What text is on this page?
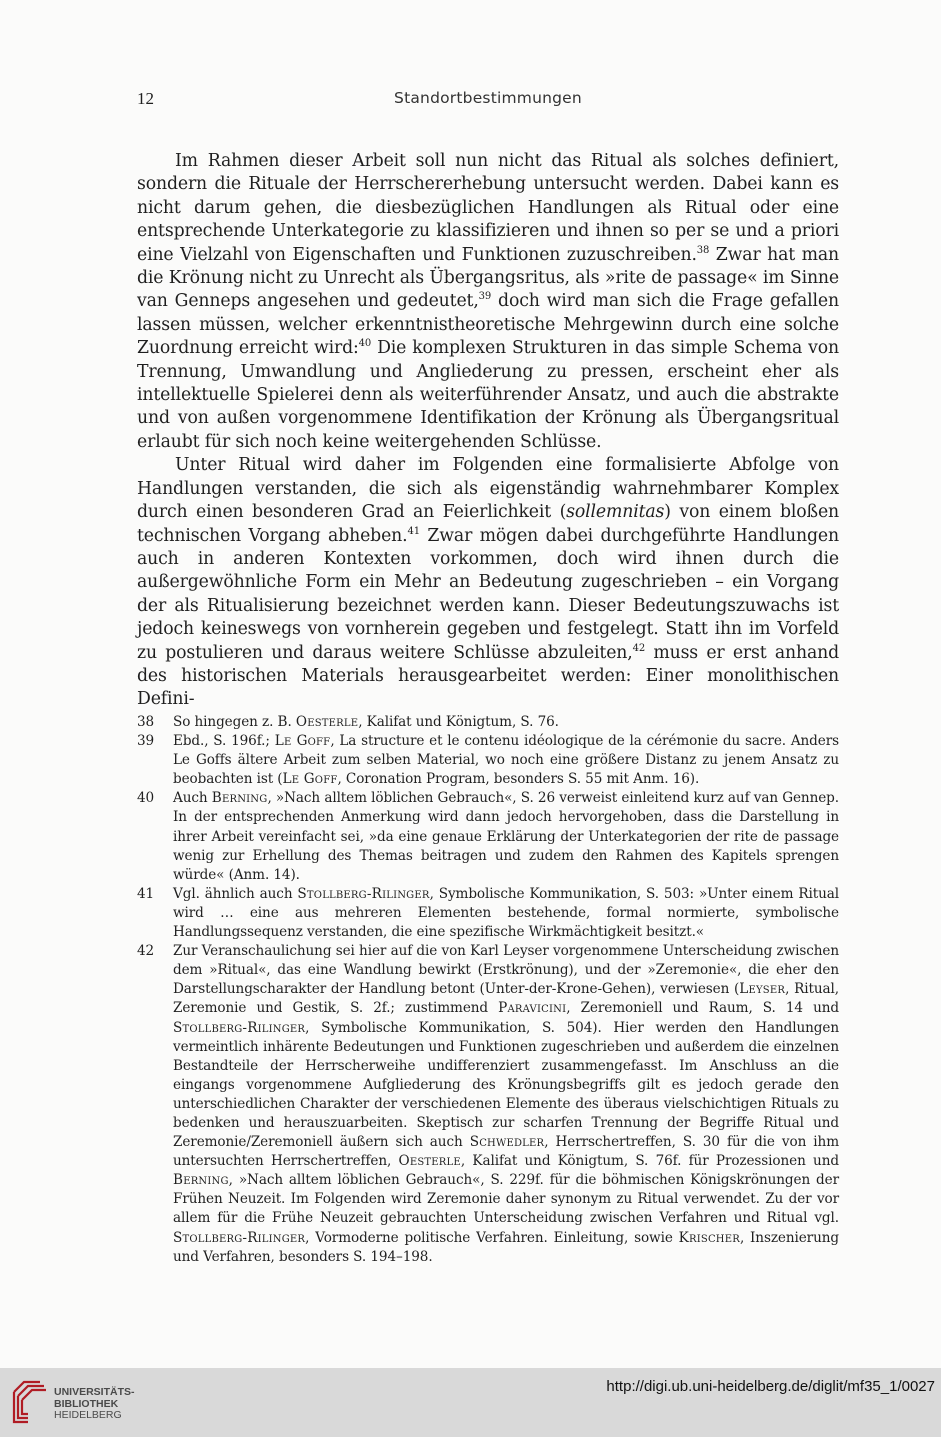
12	Standortbestimmungen

Im Rahmen dieser Arbeit soll nun nicht das Ritual als solches definiert, sondern die Rituale der Herrschererhebung untersucht werden. Dabei kann es nicht darum gehen, die diesbezüglichen Handlungen als Ritual oder eine entsprechende Unterkategorie zu klassifizieren und ihnen so per se und a priori eine Vielzahl von Eigenschaften und Funktionen zuzuschreiben.$^{38}$ Zwar hat man die Krönung nicht zu Unrecht als Übergangsritus, als »rite de passage« im Sinne van Genneps angesehen und gedeutet,$^{39}$ doch wird man sich die Frage gefallen lassen müssen, welcher erkenntnistheoretische Mehrgewinn durch eine solche Zuordnung erreicht wird:$^{40}$ Die komplexen Strukturen in das simple Schema von Trennung, Umwandlung und Angliederung zu pressen, erscheint eher als intellektuelle Spielerei denn als weiterführender Ansatz, und auch die abstrakte und von außen vorgenommene Identifikation der Krönung als Übergangsritual erlaubt für sich noch keine weitergehenden Schlüsse.

Unter Ritual wird daher im Folgenden eine formalisierte Abfolge von Handlungen verstanden, die sich als eigenständig wahrnehmbarer Komplex durch einen besonderen Grad an Feierlichkeit (sollemnitas) von einem bloßen technischen Vorgang abheben.$^{41}$ Zwar mögen dabei durchgeführte Handlungen auch in anderen Kontexten vorkommen, doch wird ihnen durch die außergewöhnliche Form ein Mehr an Bedeutung zugeschrieben – ein Vorgang der als Ritualisierung bezeichnet werden kann. Dieser Bedeutungszuwachs ist jedoch keineswegs von vornherein gegeben und festgelegt. Statt ihn im Vorfeld zu postulieren und daraus weitere Schlüsse abzuleiten,$^{42}$ muss er erst anhand des historischen Materials herausgearbeitet werden: Einer monolithischen Defini-

38 So hingegen z. B. Oesterle, Kalifat und Königtum, S. 76.
39 Ebd., S. 196f.; Le Goff, La structure et le contenu idéologique de la cérémonie du sacre. Anders Le Goffs ältere Arbeit zum selben Material, wo noch eine größere Distanz zu jenem Ansatz zu beobachten ist (Le Goff, Coronation Program, besonders S. 55 mit Anm. 16).
40 Auch Berning, »Nach alltem löblichen Gebrauch«, S. 26 verweist einleitend kurz auf van Gennep. In der entsprechenden Anmerkung wird dann jedoch hervorgehoben, dass die Darstellung in ihrer Arbeit vereinfacht sei, »da eine genaue Erklärung der Unterkategorien der rite de passage wenig zur Erhellung des Themas beitragen und zudem den Rahmen des Kapitels sprengen würde« (Anm. 14).
41 Vgl. ähnlich auch Stollberg-Rilinger, Symbolische Kommunikation, S. 503: »Unter einem Ritual wird … eine aus mehreren Elementen bestehende, formal normierte, symbolische Handlungssequenz verstanden, die eine spezifische Wirkmächtigkeit besitzt.«
42 Zur Veranschaulichung sei hier auf die von Karl Leyser vorgenommene Unterscheidung zwischen dem »Ritual«, das eine Wandlung bewirkt (Erstkrönung), und der »Zeremonie«, die eher den Darstellungscharakter der Handlung betont (Unter-der-Krone-Gehen), verwiesen (Leyser, Ritual, Zeremonie und Gestik, S. 2f.; zustimmend Paravicini, Zeremoniell und Raum, S. 14 und Stollberg-Rilinger, Symbolische Kommunikation, S. 504). Hier werden den Handlungen vermeintlich inhärente Bedeutungen und Funktionen zugeschrieben und außerdem die einzelnen Bestandteile der Herrscherweihe undifferenziert zusammengefasst. Im Anschluss an die eingangs vorgenommene Aufgliederung des Krönungsbegriffs gilt es jedoch gerade den unterschiedlichen Charakter der verschiedenen Elemente des überaus vielschichtigen Rituals zu bedenken und herauszuarbeiten. Skeptisch zur scharfen Trennung der Begriffe Ritual und Zeremonie/Zeremoniell äußern sich auch Schwedler, Herrschertreffen, S. 30 für die von ihm untersuchten Herrschertreffen, Oesterle, Kalifat und Königtum, S. 76f. für Prozessionen und Berning, »Nach alltem löblichen Gebrauch«, S. 229f. für die böhmischen Königskrönungen der Frühen Neuzeit. Im Folgenden wird Zeremonie daher synonym zu Ritual verwendet. Zu der vor allem für die Frühe Neuzeit gebrauchten Unterscheidung zwischen Verfahren und Ritual vgl. Stollberg-Rilinger, Vormoderne politische Verfahren. Einleitung, sowie Krischer, Inszenierung und Verfahren, besonders S. 194–198.
UNIVERSITÄTS-
BIBLIOTHEK
HEIDELBERG
http://digi.ub.uni-heidelberg.de/diglit/mf35_1/0027
